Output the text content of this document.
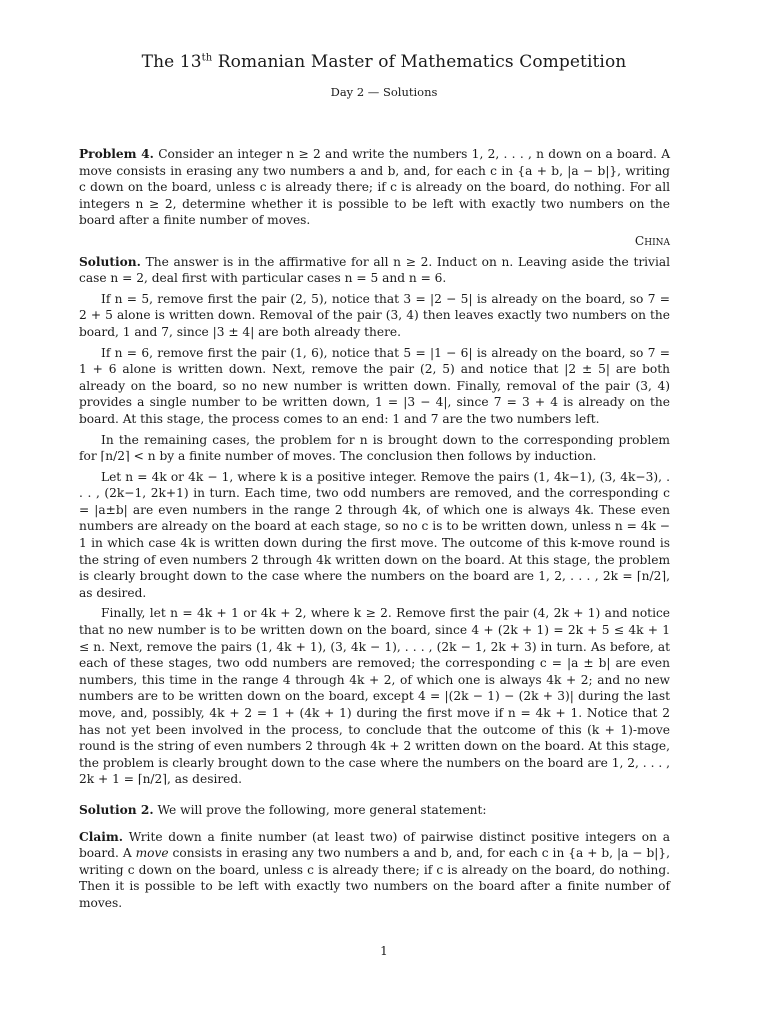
The 13th Romanian Master of Mathematics Competition
Day 2 — Solutions

Problem 4. Consider an integer n ≥ 2 and write the numbers 1, 2, . . . , n down on a board. A move consists in erasing any two numbers a and b, and, for each c in {a + b, |a − b|}, writing c down on the board, unless c is already there; if c is already on the board, do nothing. For all integers n ≥ 2, determine whether it is possible to be left with exactly two numbers on the board after a finite number of moves.

China

Solution. The answer is in the affirmative for all n ≥ 2. Induct on n. Leaving aside the trivial case n = 2, deal first with particular cases n = 5 and n = 6.

If n = 5, remove first the pair (2, 5), notice that 3 = |2 − 5| is already on the board, so 7 = 2 + 5 alone is written down. Removal of the pair (3, 4) then leaves exactly two numbers on the board, 1 and 7, since |3 ± 4| are both already there.

If n = 6, remove first the pair (1, 6), notice that 5 = |1 − 6| is already on the board, so 7 = 1 + 6 alone is written down. Next, remove the pair (2, 5) and notice that |2 ± 5| are both already on the board, so no new number is written down. Finally, removal of the pair (3, 4) provides a single number to be written down, 1 = |3 − 4|, since 7 = 3 + 4 is already on the board. At this stage, the process comes to an end: 1 and 7 are the two numbers left.

In the remaining cases, the problem for n is brought down to the corresponding problem for ⌈n/2⌉ < n by a finite number of moves. The conclusion then follows by induction.

Let n = 4k or 4k − 1, where k is a positive integer. Remove the pairs (1, 4k−1), (3, 4k−3), . . . , (2k−1, 2k+1) in turn. Each time, two odd numbers are removed, and the corresponding c = |a±b| are even numbers in the range 2 through 4k, of which one is always 4k. These even numbers are already on the board at each stage, so no c is to be written down, unless n = 4k − 1 in which case 4k is written down during the first move. The outcome of this k-move round is the string of even numbers 2 through 4k written down on the board. At this stage, the problem is clearly brought down to the case where the numbers on the board are 1, 2, . . . , 2k = ⌈n/2⌉, as desired.

Finally, let n = 4k + 1 or 4k + 2, where k ≥ 2. Remove first the pair (4, 2k + 1) and notice that no new number is to be written down on the board, since 4 + (2k + 1) = 2k + 5 ≤ 4k + 1 ≤ n. Next, remove the pairs (1, 4k + 1), (3, 4k − 1), . . . , (2k − 1, 2k + 3) in turn. As before, at each of these stages, two odd numbers are removed; the corresponding c = |a ± b| are even numbers, this time in the range 4 through 4k + 2, of which one is always 4k + 2; and no new numbers are to be written down on the board, except 4 = |(2k − 1) − (2k + 3)| during the last move, and, possibly, 4k + 2 = 1 + (4k + 1) during the first move if n = 4k + 1. Notice that 2 has not yet been involved in the process, to conclude that the outcome of this (k + 1)-move round is the string of even numbers 2 through 4k + 2 written down on the board. At this stage, the problem is clearly brought down to the case where the numbers on the board are 1, 2, . . . , 2k + 1 = ⌈n/2⌉, as desired.

Solution 2. We will prove the following, more general statement:

Claim. Write down a finite number (at least two) of pairwise distinct positive integers on a board. A move consists in erasing any two numbers a and b, and, for each c in {a + b, |a − b|}, writing c down on the board, unless c is already there; if c is already on the board, do nothing. Then it is possible to be left with exactly two numbers on the board after a finite number of moves.

1
